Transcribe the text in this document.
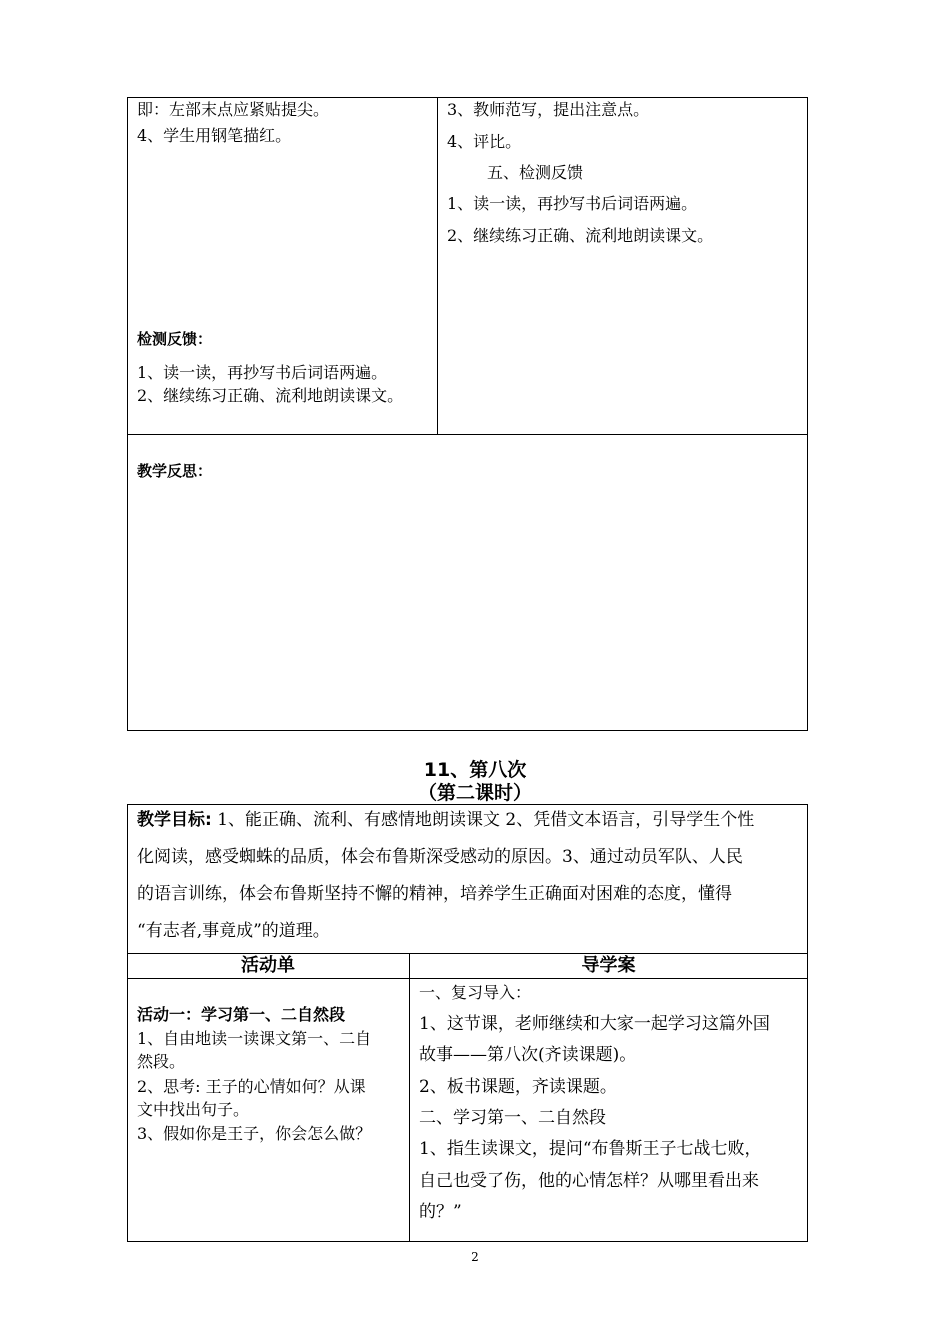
即：左部末点应紧贴提尖。
4、学生用钢笔描红。
检测反馈：
1、读一读，再抄写书后词语两遍。
2、继续练习正确、流利地朗读课文。
3、教师范写，提出注意点。
4、评比。
五、检测反馈
1、读一读，再抄写书后词语两遍。
2、继续练习正确、流利地朗读课文。
教学反思：
11、第八次
（第二课时）
教学目标: 1、能正确、流利、有感情地朗读课文 2、凭借文本语言，引导学生个性
化阅读，感受蜘蛛的品质，体会布鲁斯深受感动的原因。3、通过动员军队、人民
的语言训练，体会布鲁斯坚持不懈的精神，培养学生正确面对困难的态度，懂得
“有志者,事竟成”的道理。
活动单	导学案
活动一：学习第一、二自然段
1、自由地读一读课文第一、二自
然段。
2、思考: 王子的心情如何？从课
文中找出句子。
3、假如你是王子，你会怎么做？
一、复习导入：
1、这节课，老师继续和大家一起学习这篇外国
故事——第八次(齐读课题)。
2、板书课题，齐读课题。
二、学习第一、二自然段
1、指生读课文，提问“布鲁斯王子七战七败，
自己也受了伤，他的心情怎样？从哪里看出来
的？”
2
